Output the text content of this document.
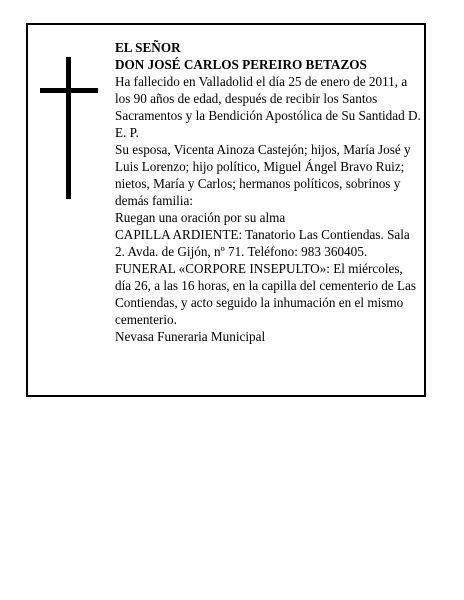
EL SEÑOR

DON JOSÉ CARLOS PEREIRO BETAZOS

Ha fallecido en Valladolid el día 25 de enero de 2011, a los 90 años de edad, después de recibir los Santos Sacramentos y la Bendición Apostólica de Su Santidad D. E. P.

Su esposa, Vicenta Ainoza Castejón; hijos, María José y Luis Lorenzo; hijo político, Miguel Ángel Bravo Ruiz; nietos, María y Carlos; hermanos políticos, sobrinos y demás familia:

Ruegan una oración por su alma

CAPILLA ARDIENTE: Tanatorio Las Contiendas. Sala 2. Avda. de Gijón, nº 71. Teléfono: 983 360405.

FUNERAL «CORPORE INSEPULTO»: El miércoles, día 26, a las 16 horas, en la capilla del cementerio de Las Contiendas, y acto seguido la inhumación en el mismo cementerio.

Nevasa Funeraria Municipal
